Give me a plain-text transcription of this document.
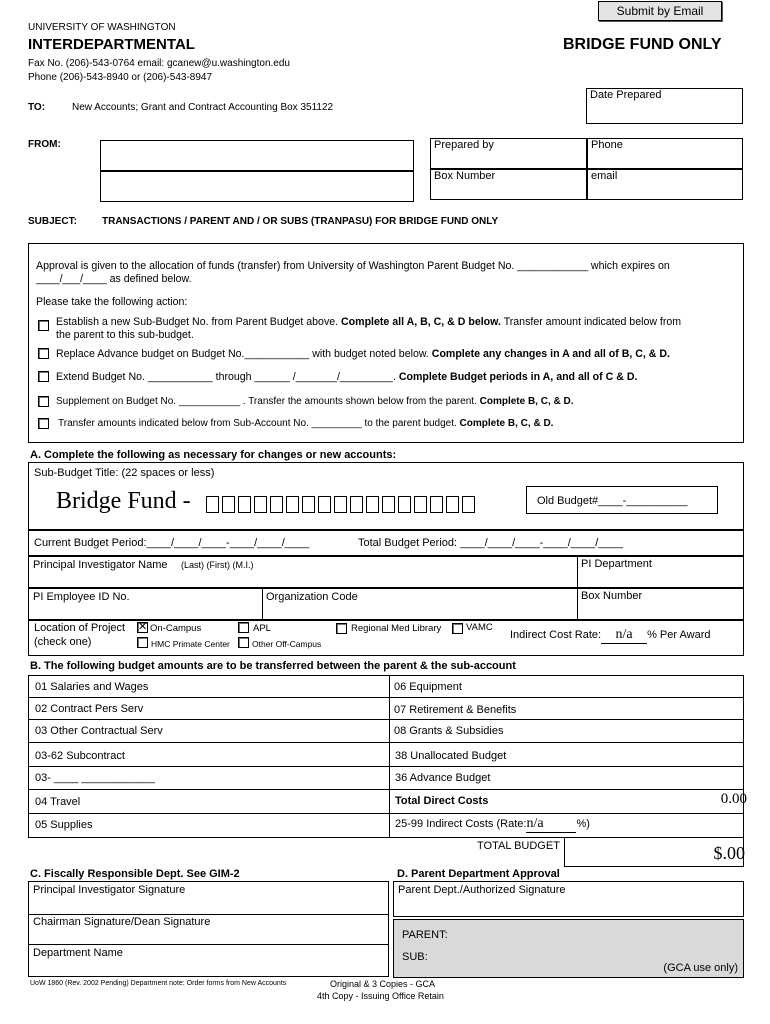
Submit by Email
UNIVERSITY OF WASHINGTON
INTERDEPARTMENTAL	BRIDGE FUND ONLY
Fax No. (206)-543-0764 email: gcanew@u.washington.edu
Phone (206)-543-8940 or (206)-543-8947
Date Prepared
TO:	New Accounts; Grant and Contract Accounting Box 351122
FROM:	Prepared by	Phone
Box Number	email
SUBJECT:	TRANSACTIONS / PARENT AND / OR SUBS (TRANPASU) FOR BRIDGE FUND ONLY
Approval is given to the allocation of funds (transfer) from University of Washington Parent Budget No. ____________ which expires on
____/___/____ as defined below.
Please take the following action:
Establish a new Sub-Budget No. from Parent Budget above. Complete all A, B, C, & D below. Transfer amount indicated below from
the parent to this sub-budget.
Replace Advance budget on Budget No.___________ with budget noted below. Complete any changes in A and all of B, C, & D.
Extend Budget No. ___________ through ______ /_______/_________. Complete Budget periods in A, and all of C & D.
Supplement on Budget No. ___________ . Transfer the amounts shown below from the parent. Complete B, C, & D.
Transfer amounts indicated below from Sub-Account No. _________ to the parent budget. Complete B, C, & D.
A. Complete the following as necessary for changes or new accounts:
Sub-Budget Title: (22 spaces or less)
Bridge Fund -	Old Budget#____-__________
Current Budget Period:____/____/____-____/____/____	Total Budget Period: ____/____/____-____/____/____
Principal Investigator Name (Last) (First) (M.I.)	PI Department
PI Employee ID No.	Organization Code	Box Number
Location of Project
(check one)
✕
On-Campus
HMC Primate Center
APL
Other Off-Campus
Regional Med Library	VAMC
Indirect Cost Rate: n/a % Per Award
B. The following budget amounts are to be transferred between the parent & the sub-account
01 Salaries and Wages	06 Equipment
02 Contract Pers Serv	07 Retirement & Benefits
03 Other Contractual Serv	08 Grants & Subsidies
03-62 Subcontract	38 Unallocated Budget
03- ____ ____________	36 Advance Budget
04 Travel	Total Direct Costs	0.00
05 Supplies	25-99 Indirect Costs (Rate:n/a	%)
TOTAL BUDGET	$.00
C. Fiscally Responsible Dept. See GIM-2
Principal Investigator Signature
Chairman Signature/Dean Signature
Department Name
D. Parent Department Approval
Parent Dept./Authorized Signature
PARENT:
SUB:
(GCA use only)
UoW 1860 (Rev. 2002 Pending) Department note: Order forms from New Accounts	Original & 3 Copies - GCA
4th Copy - Issuing Office Retain
